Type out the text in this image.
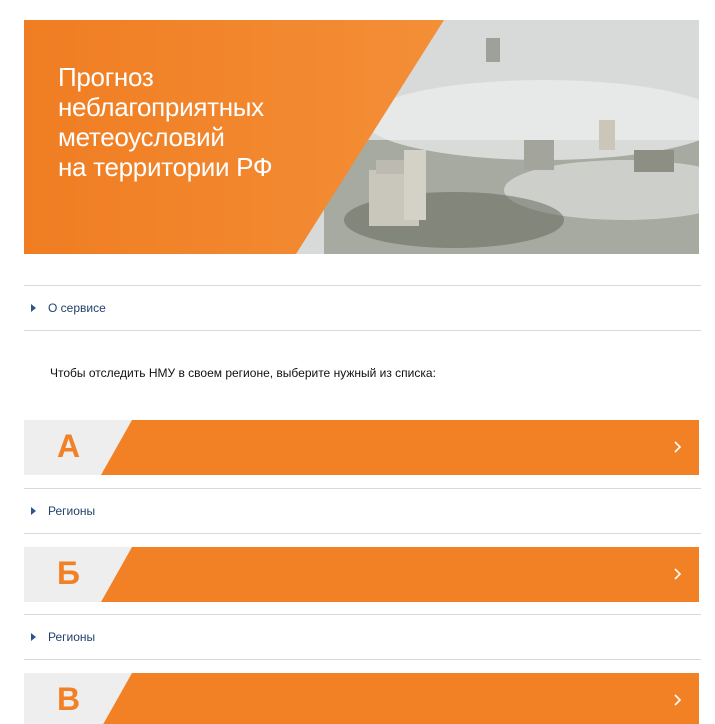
Прогноз
неблагоприятных
метеоусловий
на территории РФ
О сервисе

Чтобы отследить НМУ в своем регионе, выберите нужный из списка:

А
Регионы
Б
Регионы
В
